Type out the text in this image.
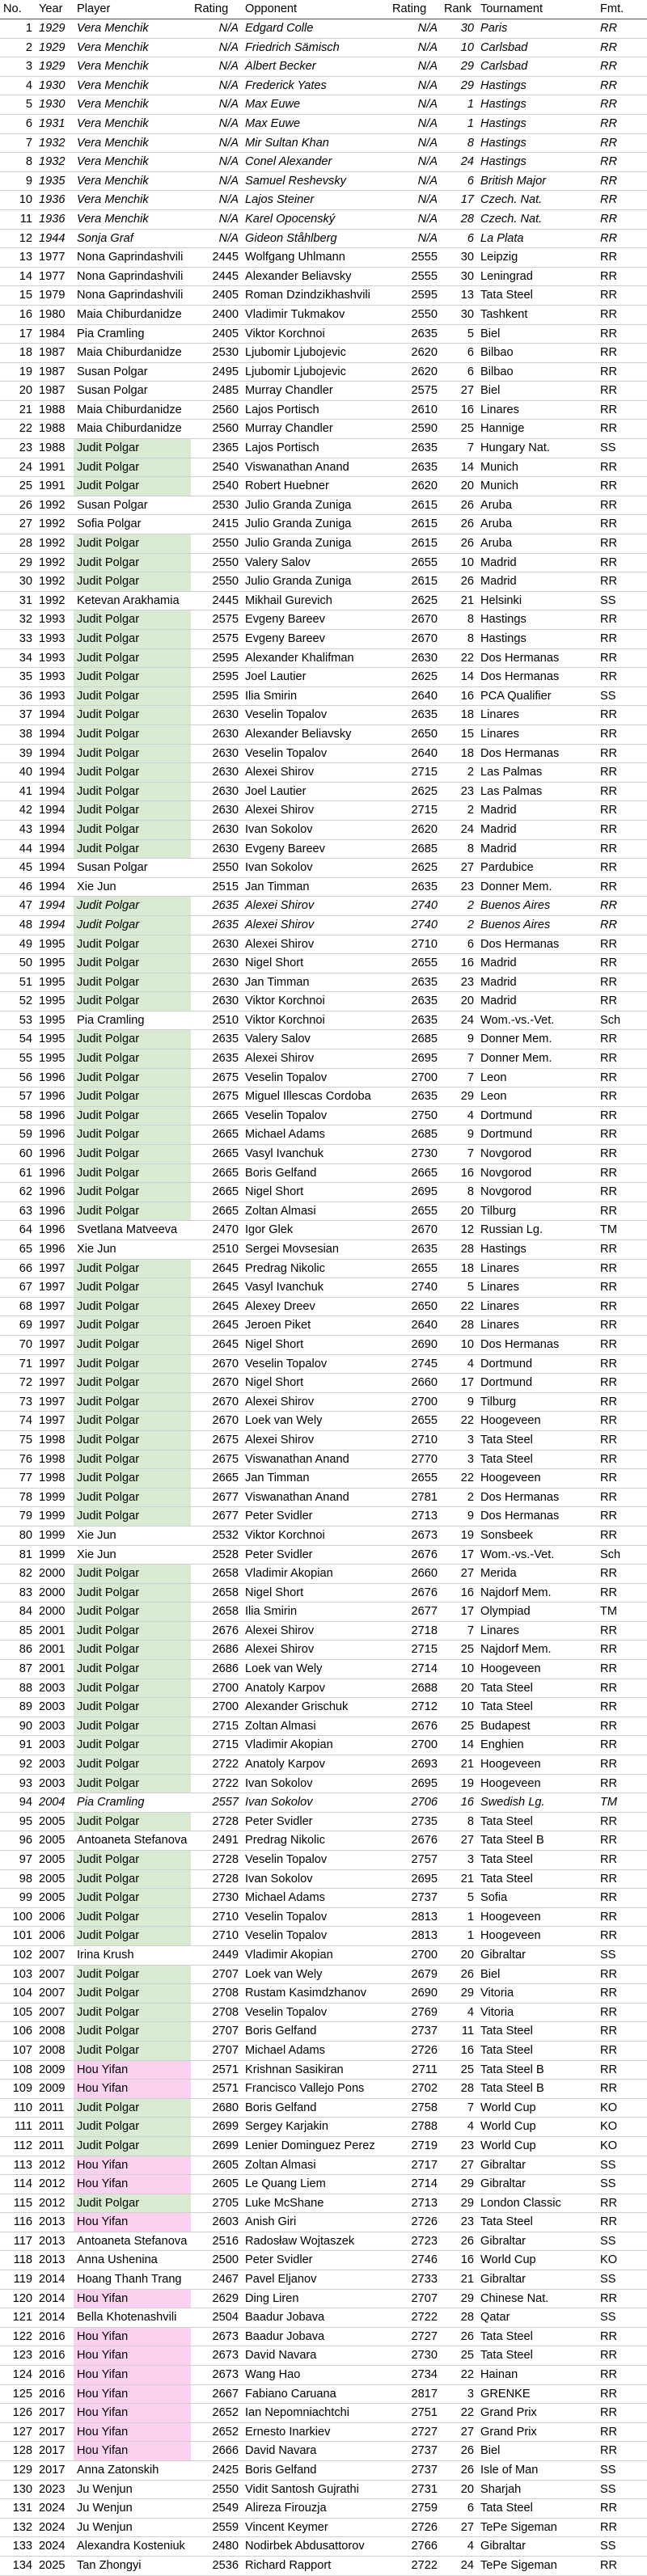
No.	Year	Player	Rating	Opponent	Rating	Rank	Tournament	Fmt.
1	1929	Vera Menchik	N/A	Edgard Colle	N/A	30	Paris	RR
2	1929	Vera Menchik	N/A	Friedrich Sämisch	N/A	10	Carlsbad	RR
3	1929	Vera Menchik	N/A	Albert Becker	N/A	29	Carlsbad	RR
4	1930	Vera Menchik	N/A	Frederick Yates	N/A	29	Hastings	RR
5	1930	Vera Menchik	N/A	Max Euwe	N/A	1	Hastings	RR
6	1931	Vera Menchik	N/A	Max Euwe	N/A	1	Hastings	RR
7	1932	Vera Menchik	N/A	Mir Sultan Khan	N/A	8	Hastings	RR
8	1932	Vera Menchik	N/A	Conel Alexander	N/A	24	Hastings	RR
9	1935	Vera Menchik	N/A	Samuel Reshevsky	N/A	6	British Major	RR
10	1936	Vera Menchik	N/A	Lajos Steiner	N/A	17	Czech. Nat.	RR
11	1936	Vera Menchik	N/A	Karel Opocenský	N/A	28	Czech. Nat.	RR
12	1944	Sonja Graf	N/A	Gideon Ståhlberg	N/A	6	La Plata	RR
13	1977	Nona Gaprindashvili	2445	Wolfgang Uhlmann	2555	30	Leipzig	RR
14	1977	Nona Gaprindashvili	2445	Alexander Beliavsky	2555	30	Leningrad	RR
15	1979	Nona Gaprindashvili	2405	Roman Dzindzikhashvili	2595	13	Tata Steel	RR
16	1980	Maia Chiburdanidze	2400	Vladimir Tukmakov	2550	30	Tashkent	RR
17	1984	Pia Cramling	2405	Viktor Korchnoi	2635	5	Biel	RR
18	1987	Maia Chiburdanidze	2530	Ljubomir Ljubojevic	2620	6	Bilbao	RR
19	1987	Susan Polgar	2495	Ljubomir Ljubojevic	2620	6	Bilbao	RR
20	1987	Susan Polgar	2485	Murray Chandler	2575	27	Biel	RR
21	1988	Maia Chiburdanidze	2560	Lajos Portisch	2610	16	Linares	RR
22	1988	Maia Chiburdanidze	2560	Murray Chandler	2590	25	Hannige	RR
23	1988	Judit Polgar	2365	Lajos Portisch	2635	7	Hungary Nat.	SS
24	1991	Judit Polgar	2540	Viswanathan Anand	2635	14	Munich	RR
25	1991	Judit Polgar	2540	Robert Huebner	2620	20	Munich	RR
26	1992	Susan Polgar	2530	Julio Granda Zuniga	2615	26	Aruba	RR
27	1992	Sofia Polgar	2415	Julio Granda Zuniga	2615	26	Aruba	RR
28	1992	Judit Polgar	2550	Julio Granda Zuniga	2615	26	Aruba	RR
29	1992	Judit Polgar	2550	Valery Salov	2655	10	Madrid	RR
30	1992	Judit Polgar	2550	Julio Granda Zuniga	2615	26	Madrid	RR
31	1992	Ketevan Arakhamia	2445	Mikhail Gurevich	2625	21	Helsinki	SS
32	1993	Judit Polgar	2575	Evgeny Bareev	2670	8	Hastings	RR
33	1993	Judit Polgar	2575	Evgeny Bareev	2670	8	Hastings	RR
34	1993	Judit Polgar	2595	Alexander Khalifman	2630	22	Dos Hermanas	RR
35	1993	Judit Polgar	2595	Joel Lautier	2625	14	Dos Hermanas	RR
36	1993	Judit Polgar	2595	Ilia Smirin	2640	16	PCA Qualifier	SS
37	1994	Judit Polgar	2630	Veselin Topalov	2635	18	Linares	RR
38	1994	Judit Polgar	2630	Alexander Beliavsky	2650	15	Linares	RR
39	1994	Judit Polgar	2630	Veselin Topalov	2640	18	Dos Hermanas	RR
40	1994	Judit Polgar	2630	Alexei Shirov	2715	2	Las Palmas	RR
41	1994	Judit Polgar	2630	Joel Lautier	2625	23	Las Palmas	RR
42	1994	Judit Polgar	2630	Alexei Shirov	2715	2	Madrid	RR
43	1994	Judit Polgar	2630	Ivan Sokolov	2620	24	Madrid	RR
44	1994	Judit Polgar	2630	Evgeny Bareev	2685	8	Madrid	RR
45	1994	Susan Polgar	2550	Ivan Sokolov	2625	27	Pardubice	RR
46	1994	Xie Jun	2515	Jan Timman	2635	23	Donner Mem.	RR
47	1994	Judit Polgar	2635	Alexei Shirov	2740	2	Buenos Aires	RR
48	1994	Judit Polgar	2635	Alexei Shirov	2740	2	Buenos Aires	RR
49	1995	Judit Polgar	2630	Alexei Shirov	2710	6	Dos Hermanas	RR
50	1995	Judit Polgar	2630	Nigel Short	2655	16	Madrid	RR
51	1995	Judit Polgar	2630	Jan Timman	2635	23	Madrid	RR
52	1995	Judit Polgar	2630	Viktor Korchnoi	2635	20	Madrid	RR
53	1995	Pia Cramling	2510	Viktor Korchnoi	2635	24	Wom.-vs.-Vet.	Sch
54	1995	Judit Polgar	2635	Valery Salov	2685	9	Donner Mem.	RR
55	1995	Judit Polgar	2635	Alexei Shirov	2695	7	Donner Mem.	RR
56	1996	Judit Polgar	2675	Veselin Topalov	2700	7	Leon	RR
57	1996	Judit Polgar	2675	Miguel Illescas Cordoba	2635	29	Leon	RR
58	1996	Judit Polgar	2665	Veselin Topalov	2750	4	Dortmund	RR
59	1996	Judit Polgar	2665	Michael Adams	2685	9	Dortmund	RR
60	1996	Judit Polgar	2665	Vasyl Ivanchuk	2730	7	Novgorod	RR
61	1996	Judit Polgar	2665	Boris Gelfand	2665	16	Novgorod	RR
62	1996	Judit Polgar	2665	Nigel Short	2695	8	Novgorod	RR
63	1996	Judit Polgar	2665	Zoltan Almasi	2655	20	Tilburg	RR
64	1996	Svetlana Matveeva	2470	Igor Glek	2670	12	Russian Lg.	TM
65	1996	Xie Jun	2510	Sergei Movsesian	2635	28	Hastings	RR
66	1997	Judit Polgar	2645	Predrag Nikolic	2655	18	Linares	RR
67	1997	Judit Polgar	2645	Vasyl Ivanchuk	2740	5	Linares	RR
68	1997	Judit Polgar	2645	Alexey Dreev	2650	22	Linares	RR
69	1997	Judit Polgar	2645	Jeroen Piket	2640	28	Linares	RR
70	1997	Judit Polgar	2645	Nigel Short	2690	10	Dos Hermanas	RR
71	1997	Judit Polgar	2670	Veselin Topalov	2745	4	Dortmund	RR
72	1997	Judit Polgar	2670	Nigel Short	2660	17	Dortmund	RR
73	1997	Judit Polgar	2670	Alexei Shirov	2700	9	Tilburg	RR
74	1997	Judit Polgar	2670	Loek van Wely	2655	22	Hoogeveen	RR
75	1998	Judit Polgar	2675	Alexei Shirov	2710	3	Tata Steel	RR
76	1998	Judit Polgar	2675	Viswanathan Anand	2770	3	Tata Steel	RR
77	1998	Judit Polgar	2665	Jan Timman	2655	22	Hoogeveen	RR
78	1999	Judit Polgar	2677	Viswanathan Anand	2781	2	Dos Hermanas	RR
79	1999	Judit Polgar	2677	Peter Svidler	2713	9	Dos Hermanas	RR
80	1999	Xie Jun	2532	Viktor Korchnoi	2673	19	Sonsbeek	RR
81	1999	Xie Jun	2528	Peter Svidler	2676	17	Wom.-vs.-Vet.	Sch
82	2000	Judit Polgar	2658	Vladimir Akopian	2660	27	Merida	RR
83	2000	Judit Polgar	2658	Nigel Short	2676	16	Najdorf Mem.	RR
84	2000	Judit Polgar	2658	Ilia Smirin	2677	17	Olympiad	TM
85	2001	Judit Polgar	2676	Alexei Shirov	2718	7	Linares	RR
86	2001	Judit Polgar	2686	Alexei Shirov	2715	25	Najdorf Mem.	RR
87	2001	Judit Polgar	2686	Loek van Wely	2714	10	Hoogeveen	RR
88	2003	Judit Polgar	2700	Anatoly Karpov	2688	20	Tata Steel	RR
89	2003	Judit Polgar	2700	Alexander Grischuk	2712	10	Tata Steel	RR
90	2003	Judit Polgar	2715	Zoltan Almasi	2676	25	Budapest	RR
91	2003	Judit Polgar	2715	Vladimir Akopian	2700	14	Enghien	RR
92	2003	Judit Polgar	2722	Anatoly Karpov	2693	21	Hoogeveen	RR
93	2003	Judit Polgar	2722	Ivan Sokolov	2695	19	Hoogeveen	RR
94	2004	Pia Cramling	2557	Ivan Sokolov	2706	16	Swedish Lg.	TM
95	2005	Judit Polgar	2728	Peter Svidler	2735	8	Tata Steel	RR
96	2005	Antoaneta Stefanova	2491	Predrag Nikolic	2676	27	Tata Steel B	RR
97	2005	Judit Polgar	2728	Veselin Topalov	2757	3	Tata Steel	RR
98	2005	Judit Polgar	2728	Ivan Sokolov	2695	21	Tata Steel	RR
99	2005	Judit Polgar	2730	Michael Adams	2737	5	Sofia	RR
100	2006	Judit Polgar	2710	Veselin Topalov	2813	1	Hoogeveen	RR
101	2006	Judit Polgar	2710	Veselin Topalov	2813	1	Hoogeveen	RR
102	2007	Irina Krush	2449	Vladimir Akopian	2700	20	Gibraltar	SS
103	2007	Judit Polgar	2707	Loek van Wely	2679	26	Biel	RR
104	2007	Judit Polgar	2708	Rustam Kasimdzhanov	2690	29	Vitoria	RR
105	2007	Judit Polgar	2708	Veselin Topalov	2769	4	Vitoria	RR
106	2008	Judit Polgar	2707	Boris Gelfand	2737	11	Tata Steel	RR
107	2008	Judit Polgar	2707	Michael Adams	2726	16	Tata Steel	RR
108	2009	Hou Yifan	2571	Krishnan Sasikiran	2711	25	Tata Steel B	RR
109	2009	Hou Yifan	2571	Francisco Vallejo Pons	2702	28	Tata Steel B	RR
110	2011	Judit Polgar	2680	Boris Gelfand	2758	7	World Cup	KO
111	2011	Judit Polgar	2699	Sergey Karjakin	2788	4	World Cup	KO
112	2011	Judit Polgar	2699	Lenier Dominguez Perez	2719	23	World Cup	KO
113	2012	Hou Yifan	2605	Zoltan Almasi	2717	27	Gibraltar	SS
114	2012	Hou Yifan	2605	Le Quang Liem	2714	29	Gibraltar	SS
115	2012	Judit Polgar	2705	Luke McShane	2713	29	London Classic	RR
116	2013	Hou Yifan	2603	Anish Giri	2726	23	Tata Steel	RR
117	2013	Antoaneta Stefanova	2516	Radosław Wojtaszek	2723	26	Gibraltar	SS
118	2013	Anna Ushenina	2500	Peter Svidler	2746	16	World Cup	KO
119	2014	Hoang Thanh Trang	2467	Pavel Eljanov	2733	21	Gibraltar	SS
120	2014	Hou Yifan	2629	Ding Liren	2707	29	Chinese Nat.	RR
121	2014	Bella Khotenashvili	2504	Baadur Jobava	2722	28	Qatar	SS
122	2016	Hou Yifan	2673	Baadur Jobava	2727	26	Tata Steel	RR
123	2016	Hou Yifan	2673	David Navara	2730	25	Tata Steel	RR
124	2016	Hou Yifan	2673	Wang Hao	2734	22	Hainan	RR
125	2016	Hou Yifan	2667	Fabiano Caruana	2817	3	GRENKE	RR
126	2017	Hou Yifan	2652	Ian Nepomniachtchi	2751	22	Grand Prix	RR
127	2017	Hou Yifan	2652	Ernesto Inarkiev	2727	27	Grand Prix	RR
128	2017	Hou Yifan	2666	David Navara	2737	26	Biel	RR
129	2017	Anna Zatonskih	2425	Boris Gelfand	2737	26	Isle of Man	SS
130	2023	Ju Wenjun	2550	Vidit Santosh Gujrathi	2731	20	Sharjah	SS
131	2024	Ju Wenjun	2549	Alireza Firouzja	2759	6	Tata Steel	RR
132	2024	Ju Wenjun	2559	Vincent Keymer	2726	27	TePe Sigeman	RR
133	2024	Alexandra Kosteniuk	2480	Nodirbek Abdusattorov	2766	4	Gibraltar	SS
134	2025	Tan Zhongyi	2536	Richard Rapport	2722	24	TePe Sigeman	RR
